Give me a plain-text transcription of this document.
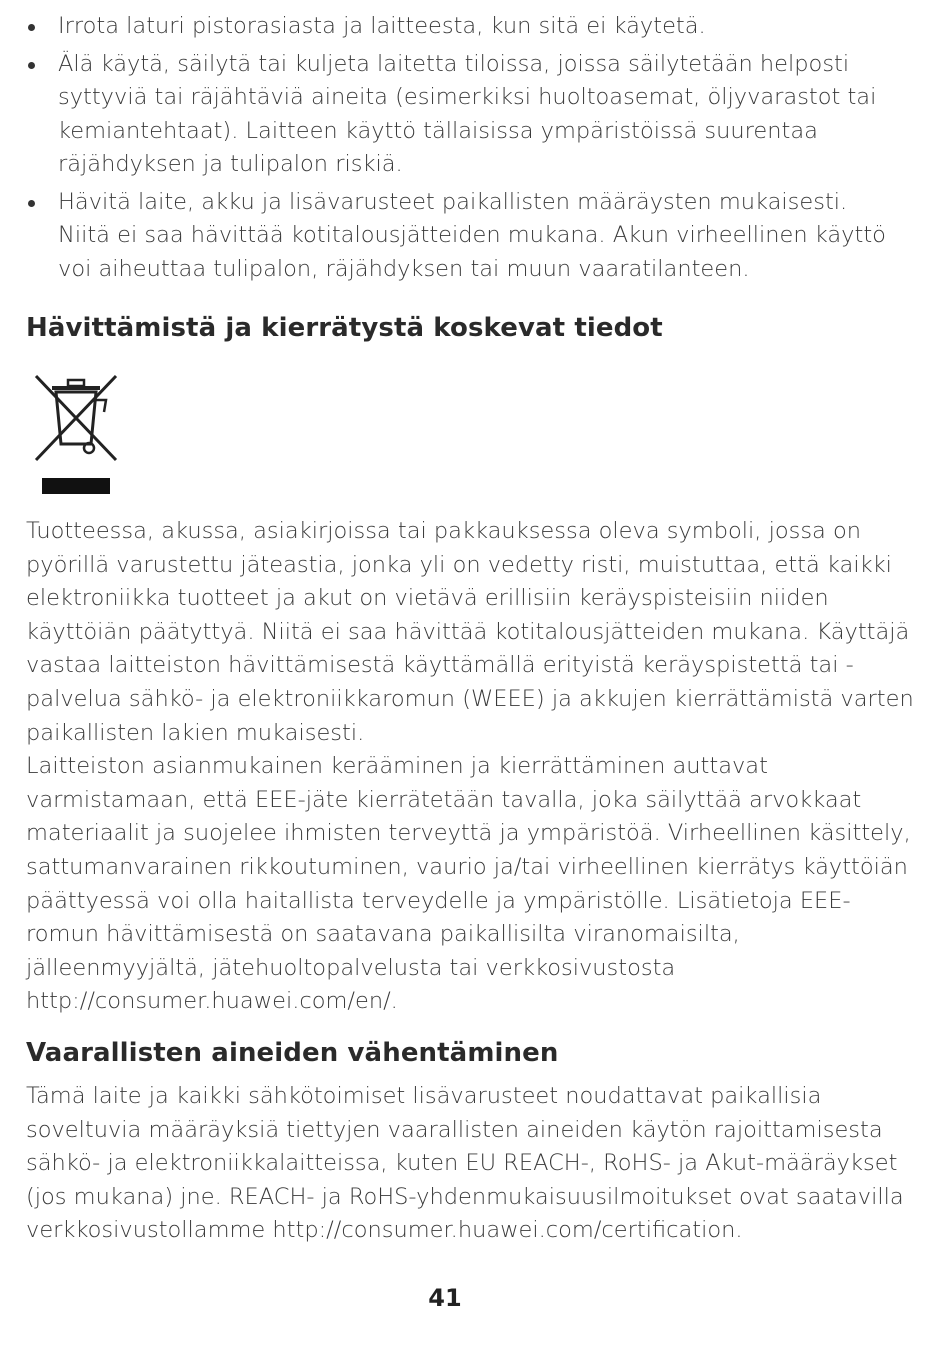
Irrota laturi pistorasiasta ja laitteesta, kun sitä ei käytetä.
Älä käytä, säilytä tai kuljeta laitetta tiloissa, joissa säilytetään helposti syttyviä tai räjähtäviä aineita (esimerkiksi huoltoasemat, öljyvarastot tai kemiantehtaat). Laitteen käyttö tällaisissa ympäristöissä suurentaa räjähdyksen ja tulipalon riskiä.
Hävitä laite, akku ja lisävarusteet paikallisten määräysten mukaisesti. Niitä ei saa hävittää kotitalousjätteiden mukana. Akun virheellinen käyttö voi aiheuttaa tulipalon, räjähdyksen tai muun vaaratilanteen.
Hävittämistä ja kierrätystä koskevat tiedot
Tuotteessa, akussa, asiakirjoissa tai pakkauksessa oleva symboli, jossa on pyörillä varustettu jäteastia, jonka yli on vedetty risti, muistuttaa, että kaikki elektroniikka tuotteet ja akut on vietävä erillisiin keräyspisteisiin niiden käyttöiän päätyttyä. Niitä ei saa hävittää kotitalousjätteiden mukana. Käyttäjä vastaa laitteiston hävittämisestä käyttämällä erityistä keräyspistettä tai -palvelua sähkö- ja elektroniikkaromun (WEEE) ja akkujen kierrättämistä varten paikallisten lakien mukaisesti.
Laitteiston asianmukainen kerääminen ja kierrättäminen auttavat varmistamaan, että EEE-jäte kierrätetään tavalla, joka säilyttää arvokkaat materiaalit ja suojelee ihmisten terveyttä ja ympäristöä. Virheellinen käsittely, sattumanvarainen rikkoutuminen, vaurio ja/tai virheellinen kierrätys käyttöiän päättyessä voi olla haitallista terveydelle ja ympäristölle. Lisätietoja EEE-romun hävittämisestä on saatavana paikallisilta viranomaisilta, jälleenmyyjältä, jätehuoltopalvelusta tai verkkosivustosta http://consumer.huawei.com/en/.
Vaarallisten aineiden vähentäminen

Tämä laite ja kaikki sähkötoimiset lisävarusteet noudattavat paikallisia soveltuvia määräyksiä tiettyjen vaarallisten aineiden käytön rajoittamisesta sähkö- ja elektroniikkalaitteissa, kuten EU REACH-, RoHS- ja Akut-määräykset (jos mukana) jne. REACH- ja RoHS-yhdenmukaisuusilmoitukset ovat saatavilla verkkosivustollamme http://consumer.huawei.com/certification.

41
